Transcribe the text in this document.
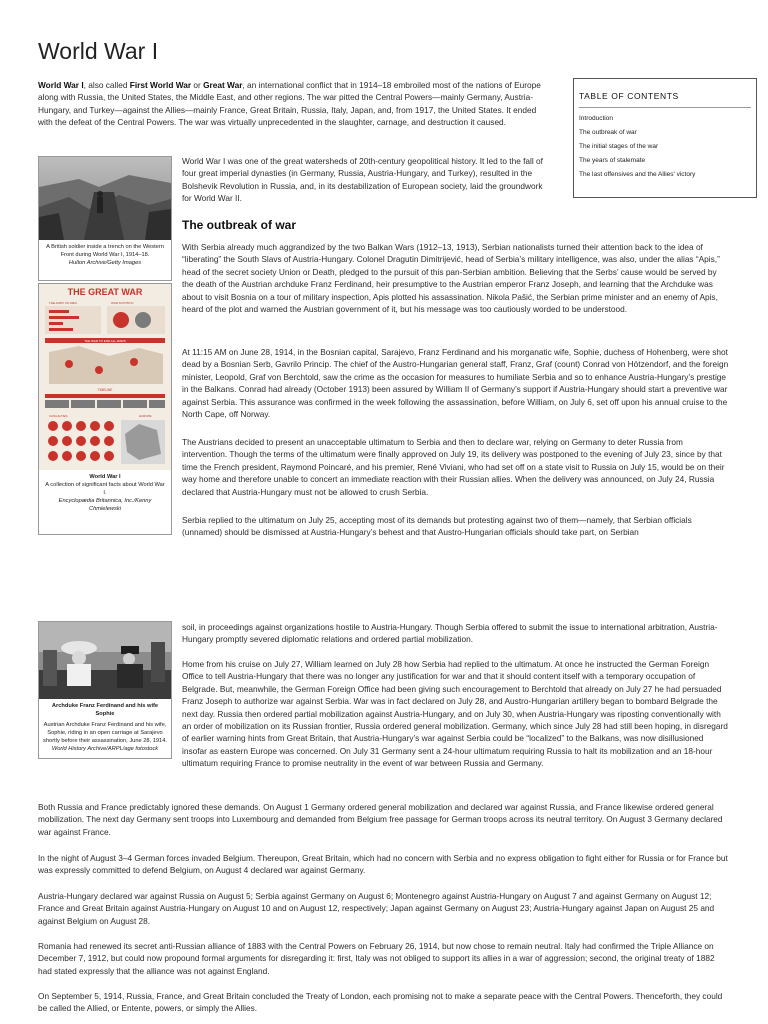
World War I

World War I, also called First World War or Great War, an international conflict that in 1914–18 embroiled most of the nations of Europe along with Russia, the United States, the Middle East, and other regions. The war pitted the Central Powers—mainly Germany, Austria-Hungary, and Turkey—against the Allies—mainly France, Great Britain, Russia, Italy, Japan, and, from 1917, the United States. It ended with the defeat of the Central Powers. The war was virtually unprecedented in the slaughter, carnage, and destruction it caused.

TABLE OF CONTENTS
Introduction
The outbreak of war
The initial stages of the war
The years of stalemate
The last offensives and the Allies' victory
A British soldier inside a trench on the Western Front during World War I, 1914–18.
Hulton Archive/Getty Images

World War I was one of the great watersheds of 20th-century geopolitical history. It led to the fall of four great imperial dynasties (in Germany, Russia, Austria-Hungary, and Turkey), resulted in the Bolshevik Revolution in Russia, and, in its destabilization of European society, laid the groundwork for World War II.

The outbreak of war

With Serbia already much aggrandized by the two Balkan Wars (1912–13, 1913), Serbian nationalists turned their attention back to the idea of “liberating” the South Slavs of Austria-Hungary. Colonel Dragutin Dimitrijević, head of Serbia’s military intelligence, was also, under the alias “Apis,” head of the secret society Union or Death, pledged to the pursuit of this pan-Serbian ambition. Believing that the Serbs’ cause would be served by the death of the Austrian archduke Franz Ferdinand, heir presumptive to the Austrian emperor Franz Joseph, and learning that the Archduke was about to visit Bosnia on a tour of military inspection, Apis plotted his assassination. Nikola Pašić, the Serbian prime minister and an enemy of Apis, heard of the plot and warned the Austrian government of it, but his message was too cautiously worded to be understood.

THE GREAT WAR
THE ARMY OF MEN	WAR STATISTIC
THE WAR TO END ALL WARS
TIMELINE
CASUALTIES	EUROPE
World War I
A collection of significant facts about World War I.
Encyclopædia Britannica, Inc./Kenny Chmielewski

At 11:15 AM on June 28, 1914, in the Bosnian capital, Sarajevo, Franz Ferdinand and his morganatic wife, Sophie, duchess of Hohenberg, were shot dead by a Bosnian Serb, Gavrilo Princip. The chief of the Austro-Hungarian general staff, Franz, Graf (count) Conrad von Hötzendorf, and the foreign minister, Leopold, Graf von Berchtold, saw the crime as the occasion for measures to humiliate Serbia and so to enhance Austria-Hungary’s prestige in the Balkans. Conrad had already (October 1913) been assured by William II of Germany’s support if Austria-Hungary should start a preventive war against Serbia. This assurance was confirmed in the week following the assassination, before William, on July 6, set off upon his annual cruise to the North Cape, off Norway.

The Austrians decided to present an unacceptable ultimatum to Serbia and then to declare war, relying on Germany to deter Russia from intervention. Though the terms of the ultimatum were finally approved on July 19, its delivery was postponed to the evening of July 23, since by that time the French president, Raymond Poincaré, and his premier, René Viviani, who had set off on a state visit to Russia on July 15, would be on their way home and therefore unable to concert an immediate reaction with their Russian allies. When the delivery was announced, on July 24, Russia declared that Austria-Hungary must not be allowed to crush Serbia.

Serbia replied to the ultimatum on July 25, accepting most of its demands but protesting against two of them—namely, that Serbian officials (unnamed) should be dismissed at Austria-Hungary’s behest and that Austro-Hungarian officials should take part, on Serbian

Archduke Franz Ferdinand and his wife Sophie
Austrian Archduke Franz Ferdinand and his wife, Sophie, riding in an open carriage at Sarajevo shortly before their assassination, June 28, 1914.
World History Archive/ARPL/age fotostock

soil, in proceedings against organizations hostile to Austria-Hungary. Though Serbia offered to submit the issue to international arbitration, Austria-Hungary promptly severed diplomatic relations and ordered partial mobilization.

Home from his cruise on July 27, William learned on July 28 how Serbia had replied to the ultimatum. At once he instructed the German Foreign Office to tell Austria-Hungary that there was no longer any justification for war and that it should content itself with a temporary occupation of Belgrade. But, meanwhile, the German Foreign Office had been giving such encouragement to Berchtold that already on July 27 he had persuaded Franz Joseph to authorize war against Serbia. War was in fact declared on July 28, and Austro-Hungarian artillery began to bombard Belgrade the next day. Russia then ordered partial mobilization against Austria-Hungary, and on July 30, when Austria-Hungary was riposting conventionally with an order of mobilization on its Russian frontier, Russia ordered general mobilization. Germany, which since July 28 had still been hoping, in disregard of earlier warning hints from Great Britain, that Austria-Hungary’s war against Serbia could be “localized” to the Balkans, was now disillusioned insofar as eastern Europe was concerned. On July 31 Germany sent a 24-hour ultimatum requiring Russia to halt its mobilization and an 18-hour ultimatum requiring France to promise neutrality in the event of war between Russia and Germany.

Both Russia and France predictably ignored these demands. On August 1 Germany ordered general mobilization and declared war against Russia, and France likewise ordered general mobilization. The next day Germany sent troops into Luxembourg and demanded from Belgium free passage for German troops across its neutral territory. On August 3 Germany declared war against France.

In the night of August 3–4 German forces invaded Belgium. Thereupon, Great Britain, which had no concern with Serbia and no express obligation to fight either for Russia or for France but was expressly committed to defend Belgium, on August 4 declared war against Germany.

Austria-Hungary declared war against Russia on August 5; Serbia against Germany on August 6; Montenegro against Austria-Hungary on August 7 and against Germany on August 12; France and Great Britain against Austria-Hungary on August 10 and on August 12, respectively; Japan against Germany on August 23; Austria-Hungary against Japan on August 25 and against Belgium on August 28.

Romania had renewed its secret anti-Russian alliance of 1883 with the Central Powers on February 26, 1914, but now chose to remain neutral. Italy had confirmed the Triple Alliance on December 7, 1912, but could now propound formal arguments for disregarding it: first, Italy was not obliged to support its allies in a war of aggression; second, the original treaty of 1882 had stated expressly that the alliance was not against England.

On September 5, 1914, Russia, France, and Great Britain concluded the Treaty of London, each promising not to make a separate peace with the Central Powers. Thenceforth, they could be called the Allied, or Entente, powers, or simply the Allies.
